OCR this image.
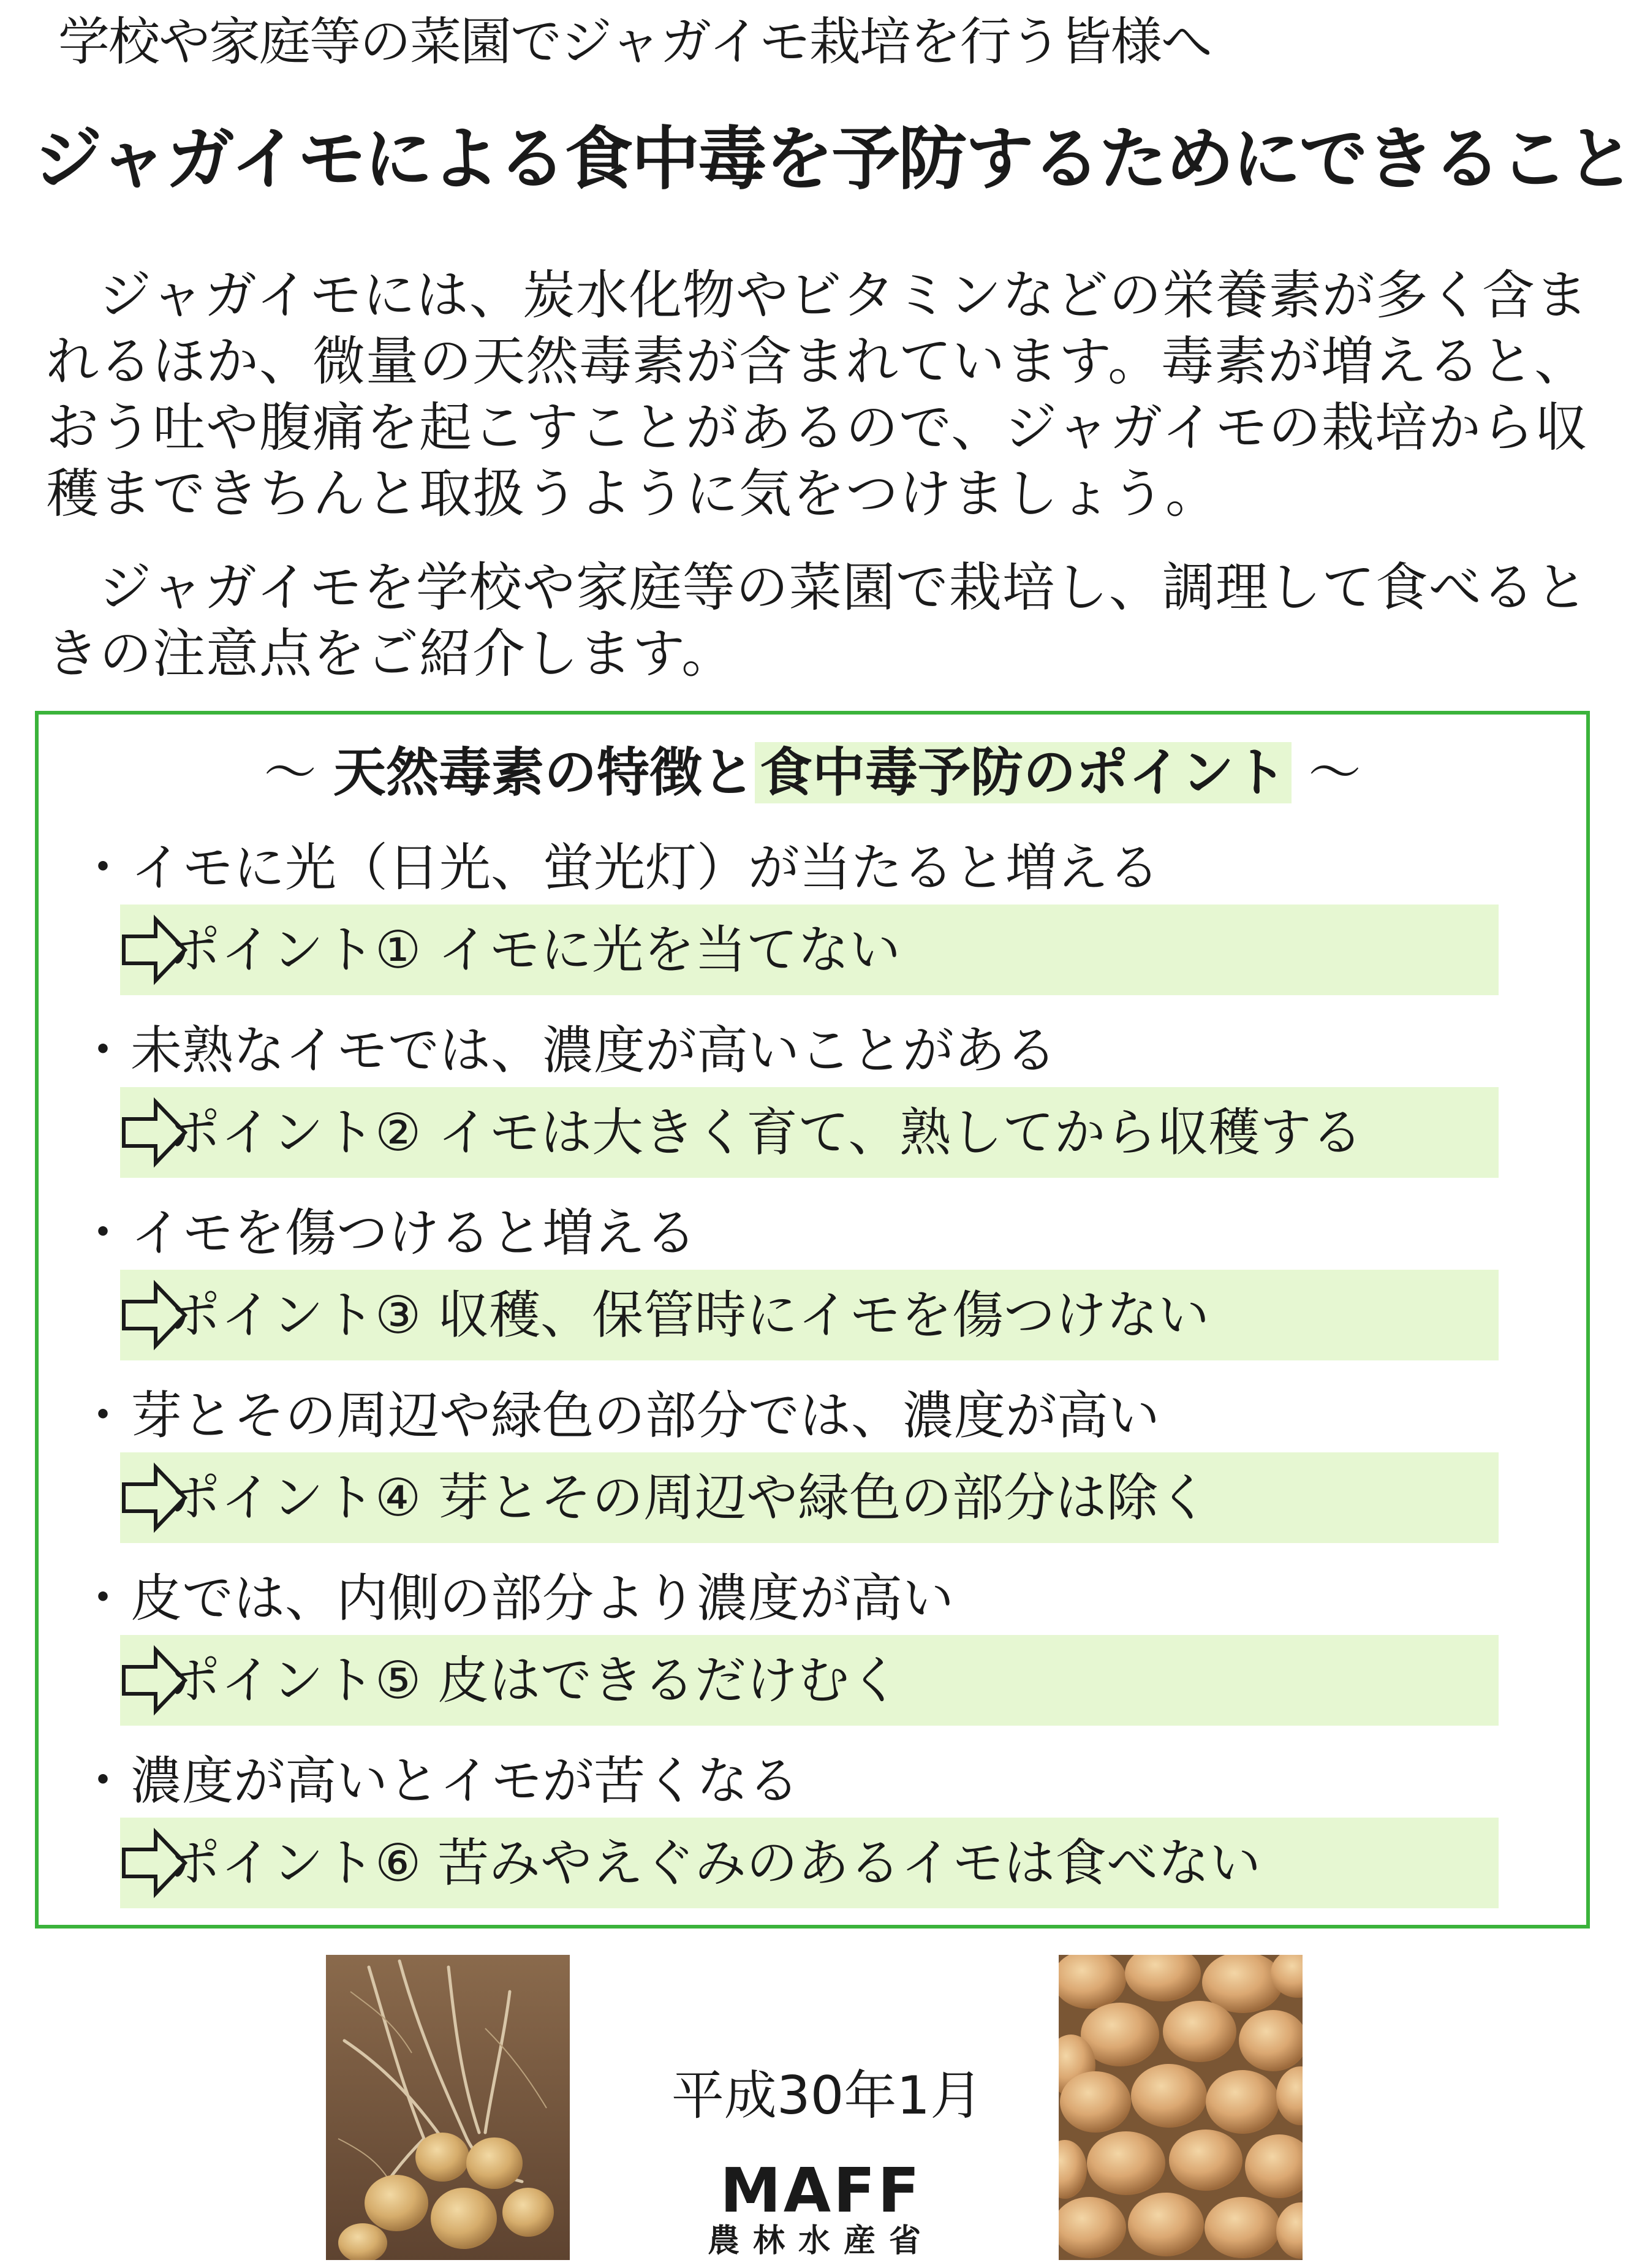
学校や家庭等の菜園でジャガイモ栽培を行う皆様へ
ジャガイモによる食中毒を予防するためにできること
ジャガイモには、炭水化物やビタミンなどの栄養素が多く含まれるほか、微量の天然毒素が含まれています。毒素が増えると、おう吐や腹痛を起こすことがあるので、ジャガイモの栽培から収穫まできちんと取扱うように気をつけましょう。
ジャガイモを学校や家庭等の菜園で栽培し、調理して食べるときの注意点をご紹介します。
～ 天然毒素の特徴と食中毒予防のポイント ～
・イモに光（日光、蛍光灯）が当たると増える
ポイント① イモに光を当てない
・未熟なイモでは、濃度が高いことがある
ポイント② イモは大きく育て、熟してから収穫する
・イモを傷つけると増える
ポイント③ 収穫、保管時にイモを傷つけない
・芽とその周辺や緑色の部分では、濃度が高い
ポイント④ 芽とその周辺や緑色の部分は除く
・皮では、内側の部分より濃度が高い
ポイント⑤ 皮はできるだけむく
・濃度が高いとイモが苦くなる
ポイント⑥ 苦みやえぐみのあるイモは食べない
平成30年1月
MAFF
農林水産省
